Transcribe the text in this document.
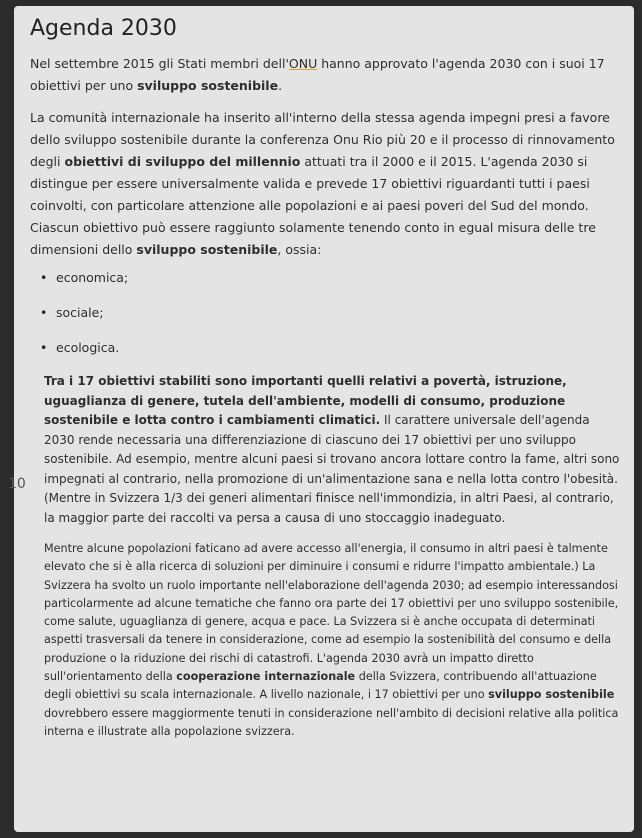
10
Agenda 2030

Nel settembre 2015 gli Stati membri dell'ONU hanno approvato l'agenda 2030 con i suoi 17 obiettivi per uno sviluppo sostenibile.

La comunità internazionale ha inserito all'interno della stessa agenda impegni presi a favore dello sviluppo sostenibile durante la conferenza Onu Rio più 20 e il processo di rinnovamento degli obiettivi di sviluppo del millennio attuati tra il 2000 e il 2015. L'agenda 2030 si distingue per essere universalmente valida e prevede 17 obiettivi riguardanti tutti i paesi coinvolti, con particolare attenzione alle popolazioni e ai paesi poveri del Sud del mondo. Ciascun obiettivo può essere raggiunto solamente tenendo conto in egual misura delle tre dimensioni dello sviluppo sostenibile, ossia:

• economica;
• sociale;
• ecologica.

Tra i 17 obiettivi stabiliti sono importanti quelli relativi a povertà, istruzione, uguaglianza di genere, tutela dell'ambiente, modelli di consumo, produzione sostenibile e lotta contro i cambiamenti climatici. Il carattere universale dell'agenda 2030 rende necessaria una differenziazione di ciascuno dei 17 obiettivi per uno sviluppo sostenibile. Ad esempio, mentre alcuni paesi si trovano ancora lottare contro la fame, altri sono impegnati al contrario, nella promozione di un'alimentazione sana e nella lotta contro l'obesità. (Mentre in Svizzera 1/3 dei generi alimentari finisce nell'immondizia, in altri Paesi, al contrario, la maggior parte dei raccolti va persa a causa di uno stoccaggio inadeguato.

Mentre alcune popolazioni faticano ad avere accesso all'energia, il consumo in altri paesi è talmente elevato che si è alla ricerca di soluzioni per diminuire i consumi e ridurre l'impatto ambientale.) La Svizzera ha svolto un ruolo importante nell'elaborazione dell'agenda 2030; ad esempio interessandosi particolarmente ad alcune tematiche che fanno ora parte dei 17 obiettivi per uno sviluppo sostenibile, come salute, uguaglianza di genere, acqua e pace. La Svizzera si è anche occupata di determinati aspetti trasversali da tenere in considerazione, come ad esempio la sostenibilità del consumo e della produzione o la riduzione dei rischi di catastrofi. L'agenda 2030 avrà un impatto diretto sull'orientamento della cooperazione internazionale della Svizzera, contribuendo all'attuazione degli obiettivi su scala internazionale. A livello nazionale, i 17 obiettivi per uno sviluppo sostenibile dovrebbero essere maggiormente tenuti in considerazione nell'ambito di decisioni relative alla politica interna e illustrate alla popolazione svizzera.
